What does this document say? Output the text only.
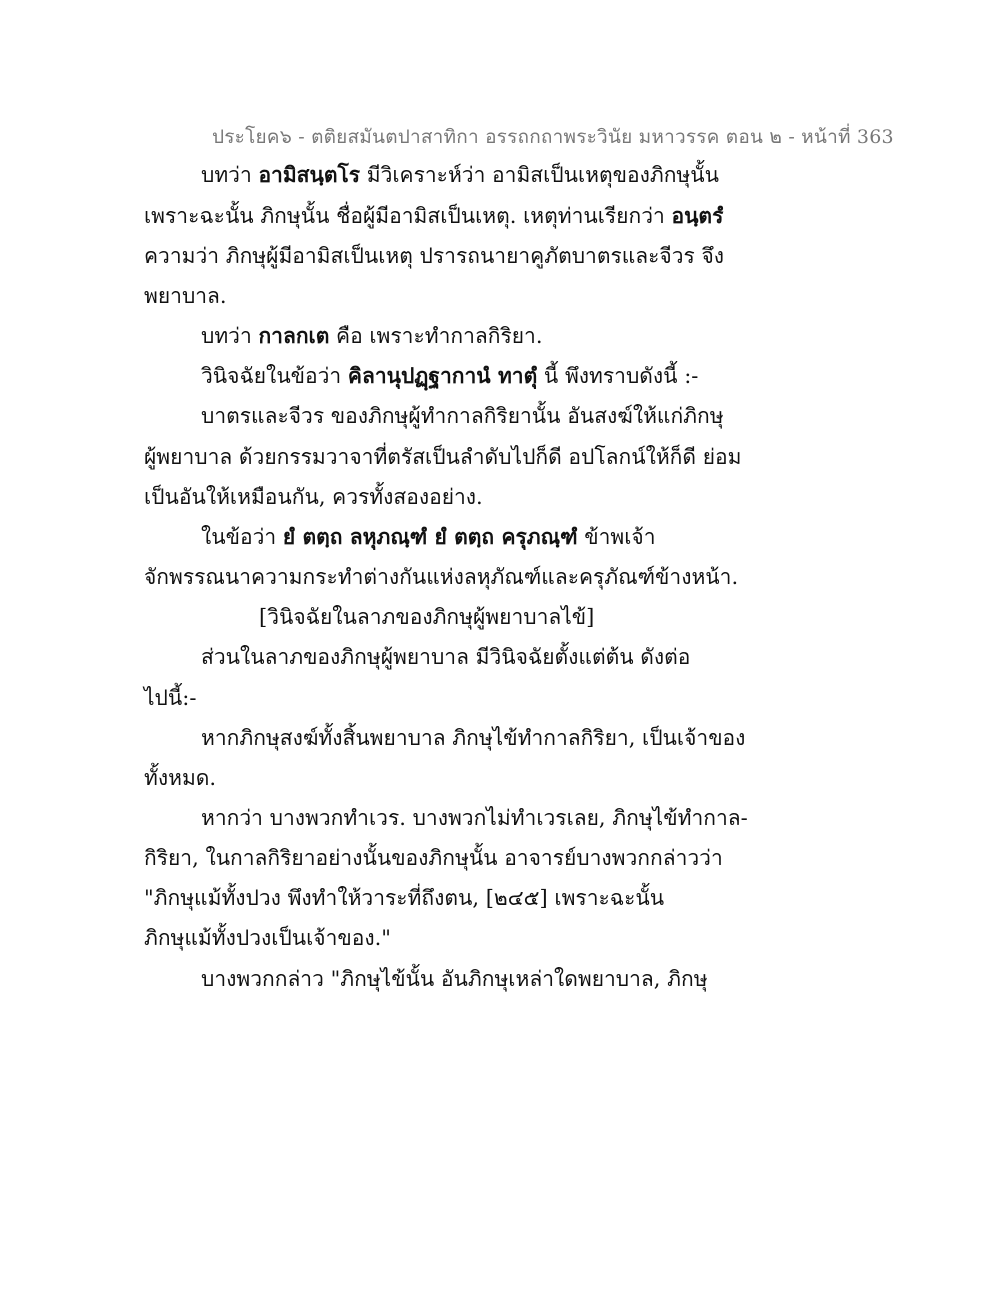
ประโยค๖ - ตติยสมันตปาสาทิกา อรรถกถาพระวินัย มหาวรรค ตอน ๒ - หน้าที่ 363
บทว่า อามิสนฺตโร มีวิเคราะห์ว่า อามิสเป็นเหตุของภิกษุนั้น
เพราะฉะนั้น ภิกษุนั้น ชื่อผู้มีอามิสเป็นเหตุ. เหตุท่านเรียกว่า อนฺตรํ
ความว่า ภิกษุผู้มีอามิสเป็นเหตุ ปรารถนายาคูภัตบาตรและจีวร จึง
พยาบาล.
บทว่า กาลกเต คือ เพราะทำกาลกิริยา.
วินิจฉัยในข้อว่า คิลานุปฏฺฐากานํ ทาตุํ นี้ พึงทราบดังนี้ :-
บาตรและจีวร ของภิกษุผู้ทำกาลกิริยานั้น อันสงฆ์ให้แก่ภิกษุ
ผู้พยาบาล ด้วยกรรมวาจาที่ตรัสเป็นลำดับไปก็ดี อปโลกน์ให้ก็ดี ย่อม
เป็นอันให้เหมือนกัน, ควรทั้งสองอย่าง.
ในข้อว่า ยํ ตตฺถ ลหุภณฺฑํ ยํ ตตฺถ ครุภณฺฑํ ข้าพเจ้า
จักพรรณนาความกระทำต่างกันแห่งลหุภัณฑ์และครุภัณฑ์ข้างหน้า.
[วินิจฉัยในลาภของภิกษุผู้พยาบาลไข้]
ส่วนในลาภของภิกษุผู้พยาบาล มีวินิจฉัยตั้งแต่ต้น ดังต่อ
ไปนี้:-
หากภิกษุสงฆ์ทั้งสิ้นพยาบาล ภิกษุไข้ทำกาลกิริยา, เป็นเจ้าของ
ทั้งหมด.
หากว่า บางพวกทำเวร. บางพวกไม่ทำเวรเลย, ภิกษุไข้ทำกาล-
กิริยา, ในกาลกิริยาอย่างนั้นของภิกษุนั้น อาจารย์บางพวกกล่าวว่า
"ภิกษุแม้ทั้งปวง พึงทำให้วาระที่ถึงตน, [๒๔๕] เพราะฉะนั้น
ภิกษุแม้ทั้งปวงเป็นเจ้าของ."
บางพวกกล่าว "ภิกษุไข้นั้น อันภิกษุเหล่าใดพยาบาล, ภิกษุ
